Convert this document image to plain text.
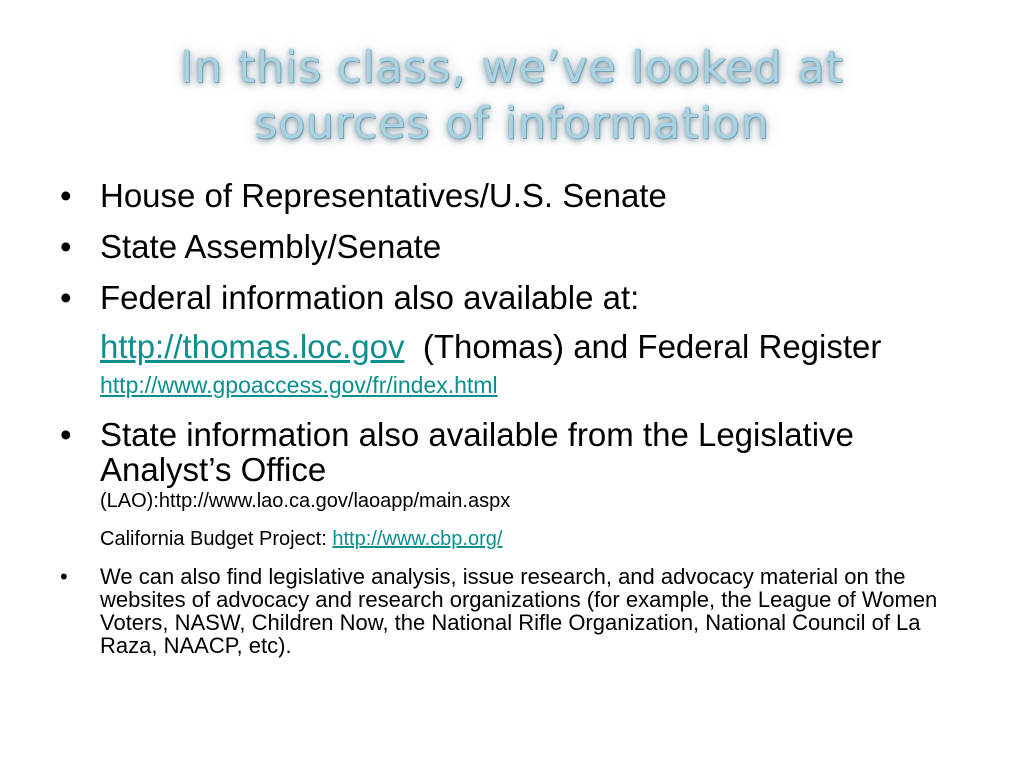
In this class, we’ve looked at
sources of information
• House of Representatives/U.S. Senate
• State Assembly/Senate
• Federal information also available at:
http://thomas.loc.gov (Thomas) and Federal Register http://www.gpoaccess.gov/fr/index.html
• State information also available from the Legislative Analyst’s Office
(LAO):http://www.lao.ca.gov/laoapp/main.aspx
California Budget Project: http://www.cbp.org/
• We can also find legislative analysis, issue research, and advocacy material on the websites of advocacy and research organizations (for example, the League of Women Voters, NASW, Children Now, the National Rifle Organization, National Council of La Raza, NAACP, etc).
